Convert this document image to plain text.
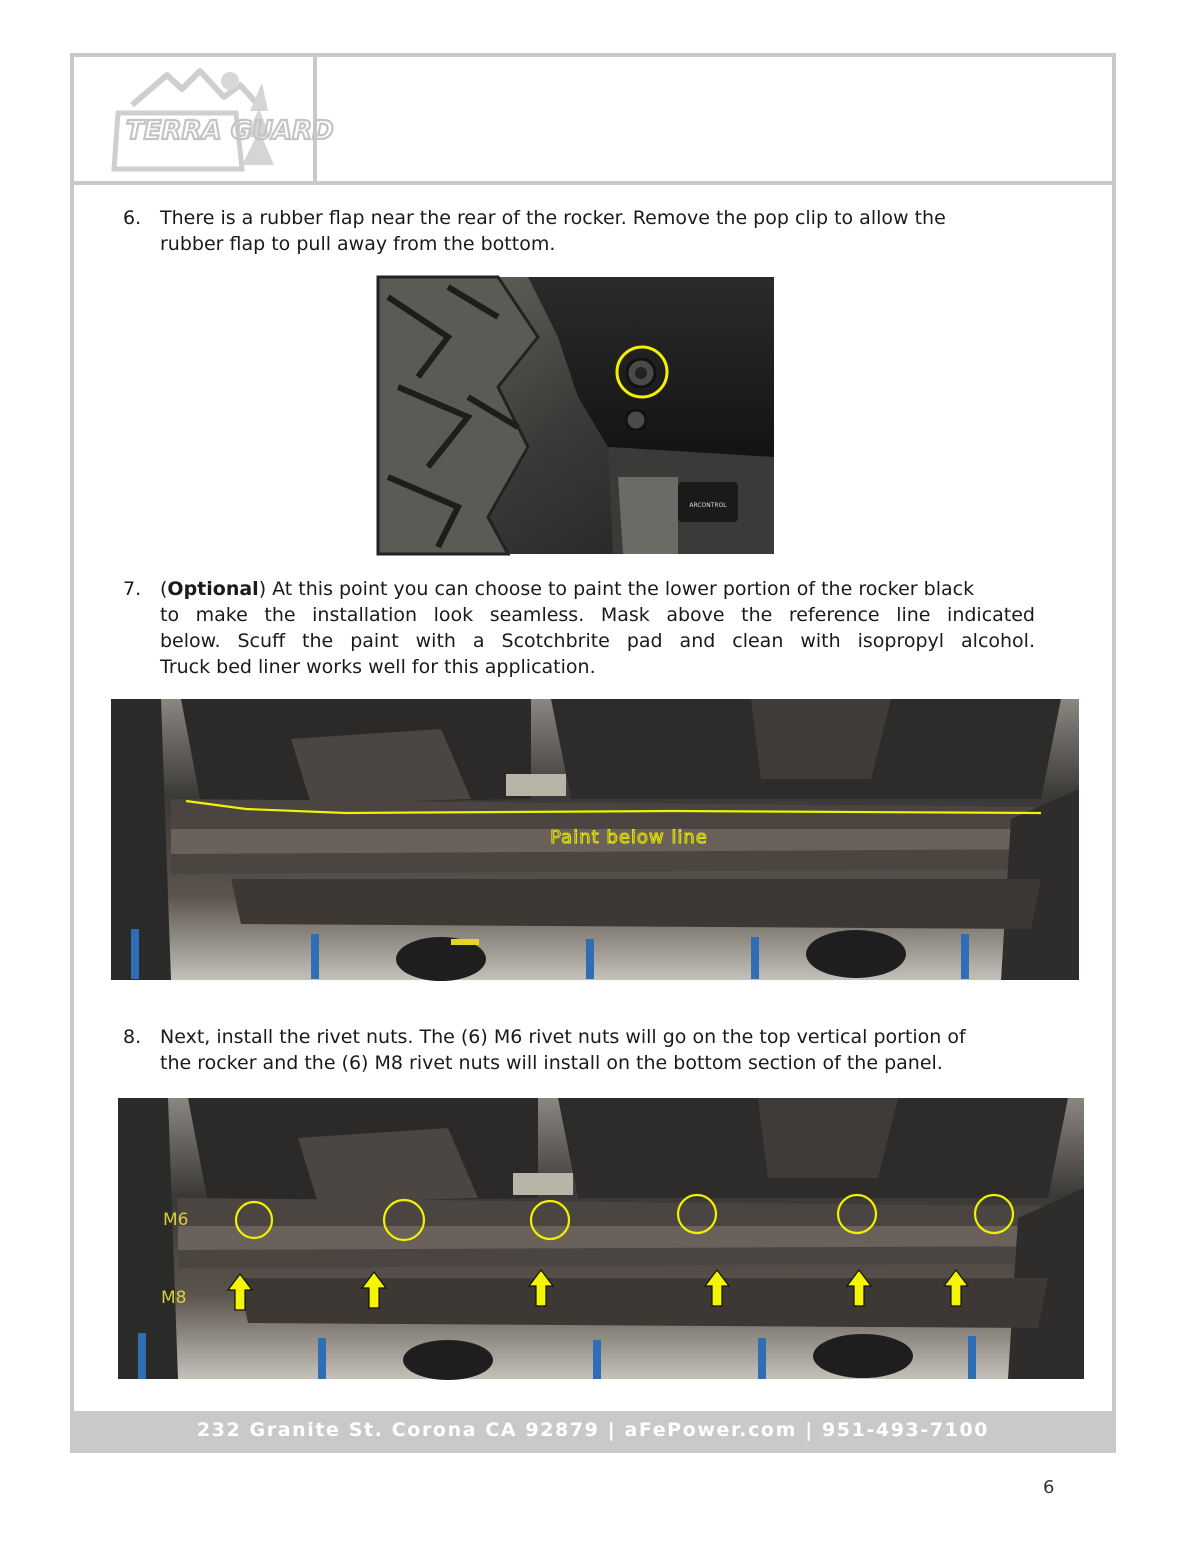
TERRA GUARD
232 Granite St. Corona CA 92879 | aFePower.com | 951-493-7100
6. There is a rubber flap near the rear of the rocker. Remove the pop clip to allow the
rubber flap to pull away from the bottom.
ARCONTROL
7. (Optional) At this point you can choose to paint the lower portion of the rocker black
to make the installation look seamless. Mask above the reference line indicated
below. Scuff the paint with a Scotchbrite pad and clean with isopropyl alcohol.
Truck bed liner works well for this application.
Paint below line
8. Next, install the rivet nuts. The (6) M6 rivet nuts will go on the top vertical portion of
the rocker and the (6) M8 rivet nuts will install on the bottom section of the panel.
M6
M8
6
